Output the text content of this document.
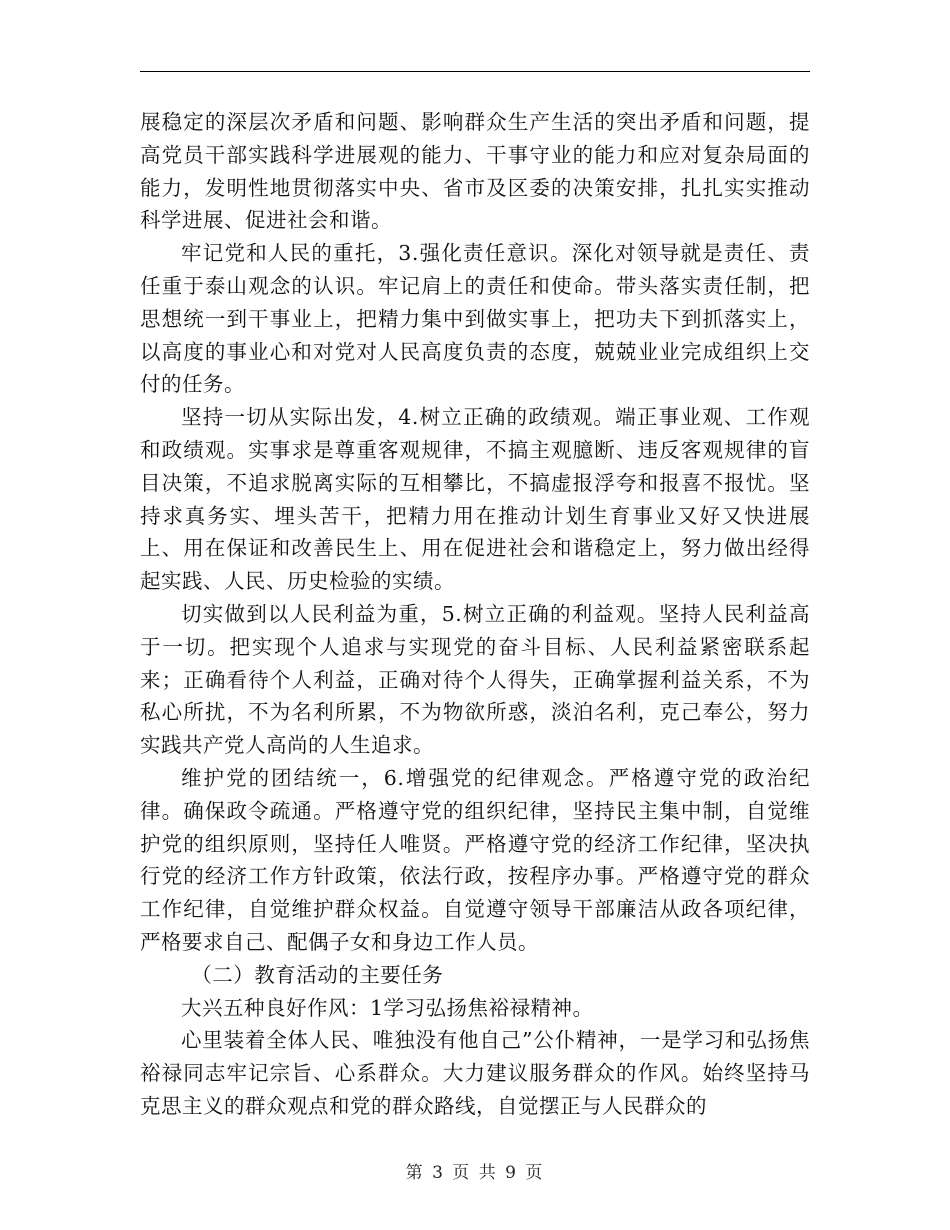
展稳定的深层次矛盾和问题、影响群众生产生活的突出矛盾和问题，提高党员干部实践科学进展观的能力、干事守业的能力和应对复杂局面的能力，发明性地贯彻落实中央、省市及区委的决策安排，扎扎实实推动科学进展、促进社会和谐。

牢记党和人民的重托，3.强化责任意识。深化对领导就是责任、责任重于泰山观念的认识。牢记肩上的责任和使命。带头落实责任制，把思想统一到干事业上，把精力集中到做实事上，把功夫下到抓落实上，以高度的事业心和对党对人民高度负责的态度，兢兢业业完成组织上交付的任务。

坚持一切从实际出发，4.树立正确的政绩观。端正事业观、工作观和政绩观。实事求是尊重客观规律，不搞主观臆断、违反客观规律的盲目决策，不追求脱离实际的互相攀比，不搞虚报浮夸和报喜不报忧。坚持求真务实、埋头苦干，把精力用在推动计划生育事业又好又快进展上、用在保证和改善民生上、用在促进社会和谐稳定上，努力做出经得起实践、人民、历史检验的实绩。

切实做到以人民利益为重，5.树立正确的利益观。坚持人民利益高于一切。把实现个人追求与实现党的奋斗目标、人民利益紧密联系起来；正确看待个人利益，正确对待个人得失，正确掌握利益关系，不为私心所扰，不为名利所累，不为物欲所惑，淡泊名利，克己奉公，努力实践共产党人高尚的人生追求。

维护党的团结统一，6.增强党的纪律观念。严格遵守党的政治纪律。确保政令疏通。严格遵守党的组织纪律，坚持民主集中制，自觉维护党的组织原则，坚持任人唯贤。严格遵守党的经济工作纪律，坚决执行党的经济工作方针政策，依法行政，按程序办事。严格遵守党的群众工作纪律，自觉维护群众权益。自觉遵守领导干部廉洁从政各项纪律，严格要求自己、配偶子女和身边工作人员。

（二）教育活动的主要任务

大兴五种良好作风：1学习弘扬焦裕禄精神。

心里装着全体人民、唯独没有他自己”公仆精神，一是学习和弘扬焦裕禄同志牢记宗旨、心系群众。大力建议服务群众的作风。始终坚持马克思主义的群众观点和党的群众路线，自觉摆正与人民群众的

第 3 页 共 9 页
